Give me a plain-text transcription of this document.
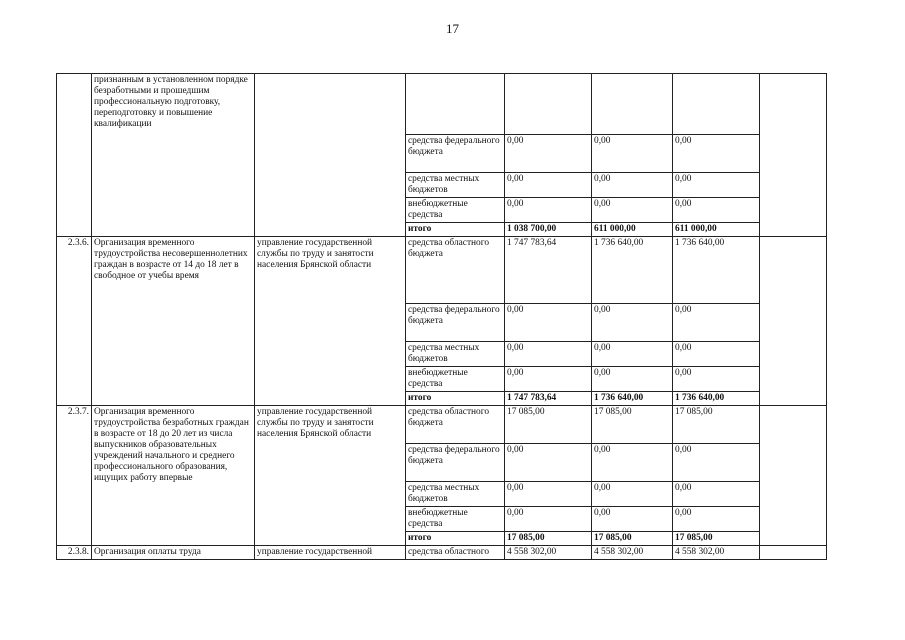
17
	признанным в установленном порядке безработными и прошедшим профессиональную подготовку, переподготовку и повышение квалификации						
			средства федерального бюджета	0,00	0,00	0,00	
			средства местных бюджетов	0,00	0,00	0,00	
			внебюджетные средства	0,00	0,00	0,00	
			итого	1 038 700,00	611 000,00	611 000,00	
2.3.6.	Организация временного трудоустройства несовершеннолетних граждан в возрасте от 14 до 18 лет в свободное от учебы время	управление государственной службы по труду и занятости населения Брянской области	средства областного бюджета	1 747 783,64	1 736 640,00	1 736 640,00	
			средства федерального бюджета	0,00	0,00	0,00	
			средства местных бюджетов	0,00	0,00	0,00	
			внебюджетные средства	0,00	0,00	0,00	
			итого	1 747 783,64	1 736 640,00	1 736 640,00	
2.3.7.	Организация временного трудоустройства безработных граждан в возрасте от 18 до 20 лет из числа выпускников образовательных учреждений начального и среднего профессионального образования, ищущих работу впервые	управление государственной службы по труду и занятости населения Брянской области	средства областного бюджета	17 085,00	17 085,00	17 085,00	
			средства федерального бюджета	0,00	0,00	0,00	
			средства местных бюджетов	0,00	0,00	0,00	
			внебюджетные средства	0,00	0,00	0,00	
			итого	17 085,00	17 085,00	17 085,00	
2.3.8.	Организация оплаты труда	управление государственной	средства областного	4 558 302,00	4 558 302,00	4 558 302,00	
